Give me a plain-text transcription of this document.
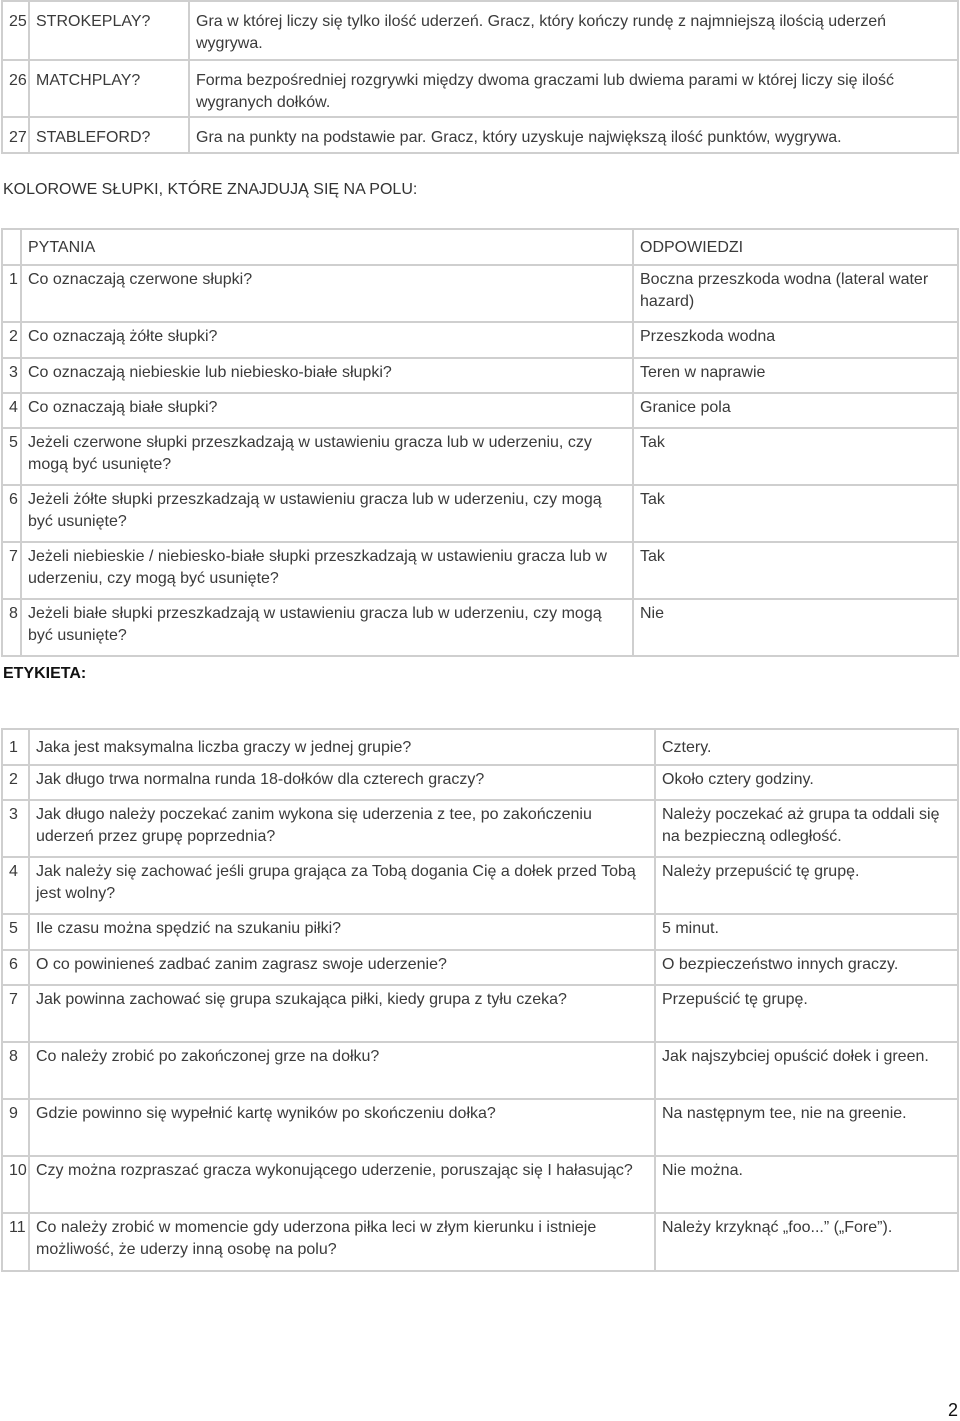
25	STROKEPLAY?	Gra w której liczy się tylko ilość uderzeń. Gracz, który kończy rundę z najmniejszą ilością uderzeń wygrywa.
26	MATCHPLAY?	Forma bezpośredniej rozgrywki między dwoma graczami lub dwiema parami w której liczy się ilość wygranych dołków.
27	STABLEFORD?	Gra na punkty na podstawie par. Gracz, który uzyskuje największą ilość punktów, wygrywa.
KOLOROWE SŁUPKI, KTÓRE ZNAJDUJĄ SIĘ NA POLU:
	PYTANIA	ODPOWIEDZI
1	Co oznaczają czerwone słupki?	Boczna przeszkoda wodna (lateral water hazard)
2	Co oznaczają żółte słupki?	Przeszkoda wodna
3	Co oznaczają niebieskie lub niebiesko-białe słupki?	Teren w naprawie
4	Co oznaczają białe słupki?	Granice pola
5	Jeżeli czerwone słupki przeszkadzają w ustawieniu gracza lub w uderzeniu, czy mogą być usunięte?	Tak
6	Jeżeli żółte słupki przeszkadzają w ustawieniu gracza lub w uderzeniu, czy mogą być usunięte?	Tak
7	Jeżeli niebieskie / niebiesko-białe słupki przeszkadzają w ustawieniu gracza lub w uderzeniu, czy mogą być usunięte?	Tak
8	Jeżeli białe słupki przeszkadzają w ustawieniu gracza lub w uderzeniu, czy mogą być usunięte?	Nie
ETYKIETA:
1	Jaka jest maksymalna liczba graczy w jednej grupie?	Cztery.
2	Jak długo trwa normalna runda 18-dołków dla czterech graczy?	Około cztery godziny.
3	Jak długo należy poczekać zanim wykona się uderzenia z tee, po zakończeniu uderzeń przez grupę poprzednia?	Należy poczekać aż grupa ta oddali się na bezpieczną odległość.
4	Jak należy się zachować jeśli grupa grająca za Tobą dogania Cię a dołek przed Tobą jest wolny?	Należy przepuścić tę grupę.
5	Ile czasu można spędzić na szukaniu piłki?	5 minut.
6	O co powinieneś zadbać zanim zagrasz swoje uderzenie?	O bezpieczeństwo innych graczy.
7	Jak powinna zachować się grupa szukająca piłki, kiedy grupa z tyłu czeka?	Przepuścić tę grupę.
8	Co należy zrobić po zakończonej grze na dołku?	Jak najszybciej opuścić dołek i green.
9	Gdzie powinno się wypełnić kartę wyników po skończeniu dołka?	Na następnym tee, nie na greenie.
10	Czy można rozpraszać gracza wykonującego uderzenie, poruszając się I hałasując?	Nie można.
11	Co należy zrobić w momencie gdy uderzona piłka leci w złym kierunku i istnieje możliwość, że uderzy inną osobę na polu?	Należy krzyknąć „foo...” („Fore”).
2
